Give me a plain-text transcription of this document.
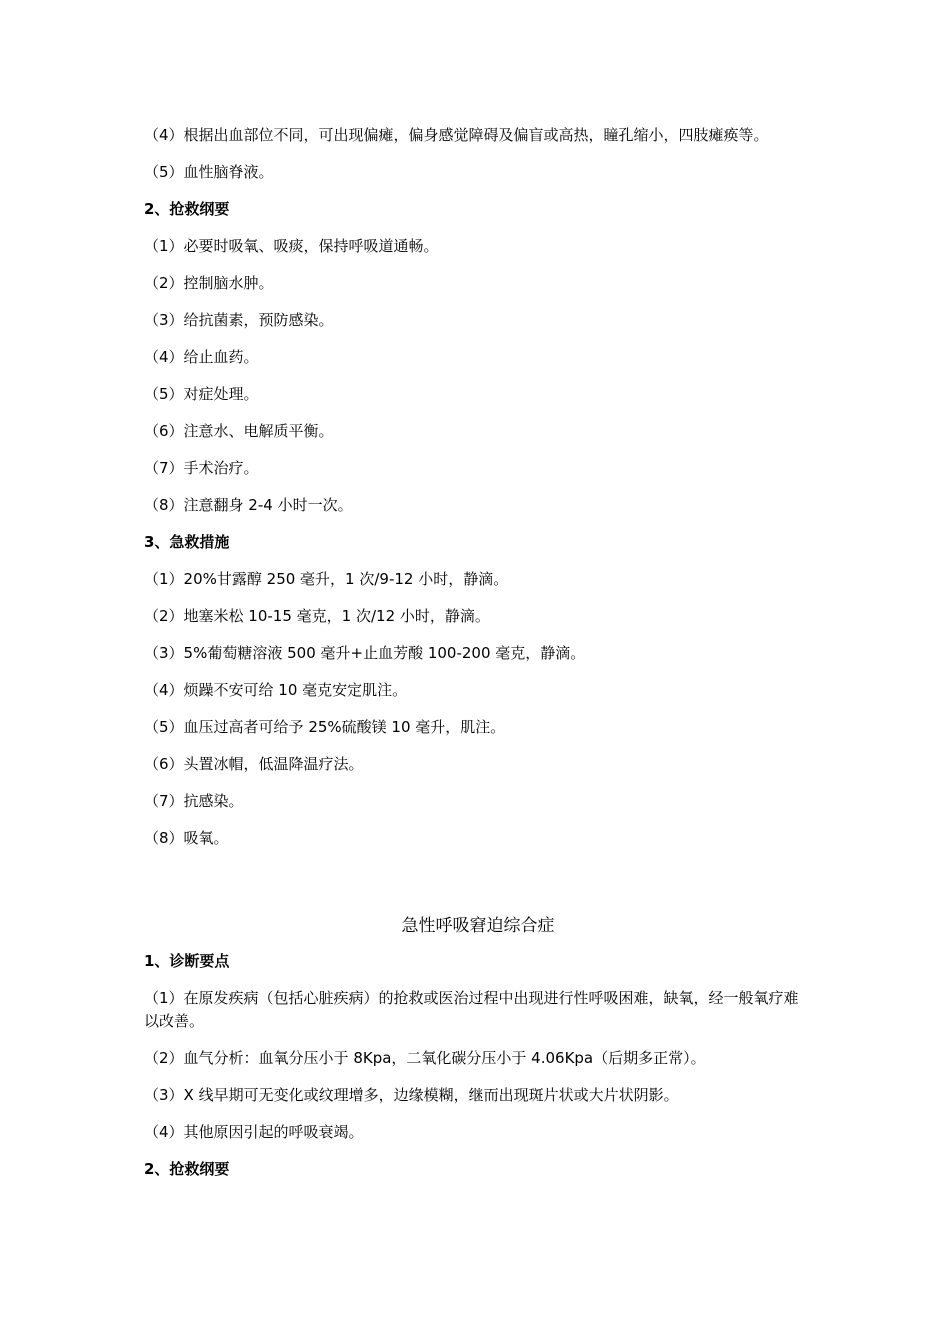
（4）根据出血部位不同，可出现偏瘫，偏身感觉障碍及偏盲或高热，瞳孔缩小，四肢瘫痪等。

（5）血性脑脊液。

2、抢救纲要

（1）必要时吸氧、吸痰，保持呼吸道通畅。

（2）控制脑水肿。

（3）给抗菌素，预防感染。

（4）给止血药。

（5）对症处理。

（6）注意水、电解质平衡。

（7）手术治疗。

（8）注意翻身 2-4 小时一次。

3、急救措施

（1）20%甘露醇 250 毫升，1 次/9-12 小时，静滴。

（2）地塞米松 10-15 毫克，1 次/12 小时，静滴。

（3）5%葡萄糖溶液 500 毫升+止血芳酸 100-200 毫克，静滴。

（4）烦躁不安可给 10 毫克安定肌注。

（5）血压过高者可给予 25%硫酸镁 10 毫升，肌注。

（6）头置冰帽，低温降温疗法。

（7）抗感染。

（8）吸氧。

急性呼吸窘迫综合症

1、诊断要点

（1）在原发疾病（包括心脏疾病）的抢救或医治过程中出现进行性呼吸困难，缺氧，经一般氧疗难以改善。

（2）血气分析：血氧分压小于 8Kpa，二氧化碳分压小于 4.06Kpa（后期多正常）。

（3）X 线早期可无变化或纹理增多，边缘模糊，继而出现斑片状或大片状阴影。

（4）其他原因引起的呼吸衰竭。

2、抢救纲要
